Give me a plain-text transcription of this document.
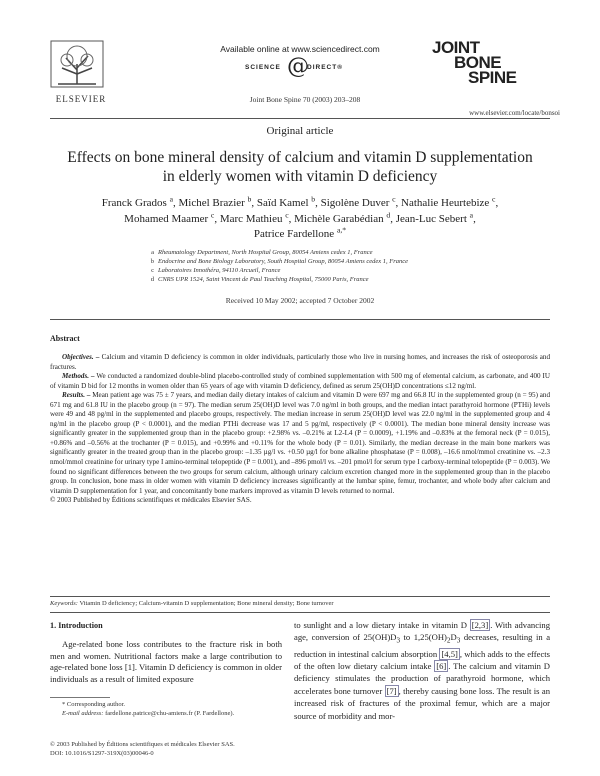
ELSEVIER
Available online at www.sciencedirect.com
SCIENCE @
DIRECT®
Joint Bone Spine 70 (2003) 203–208
JOINT
BONE
SPINE
www.elsevier.com/locate/bonsoi
Original article
Effects on bone mineral density of calcium and vitamin D supplementation in elderly women with vitamin D deficiency
Franck Grados $^a$, Michel Brazier $^b$, Saïd Kamel $^b$, Sigolène Duver $^c$, Nathalie Heurtebize $^c$,
Mohamed Maamer $^c$, Marc Mathieu $^c$, Michèle Garabédian $^d$, Jean-Luc Sebert $^a$,
Patrice Fardellone $^{a,*}$
a Rheumatology Department, North Hospital Group, 80054 Amiens cedex 1, France
b Endocrine and Bone Biology Laboratory, South Hospital Group, 80054 Amiens cedex 1, France
c Laboratoires Innothéra, 94110 Arcueil, France
d CNRS UPR 1524, Saint Vincent de Paul Teaching Hospital, 75000 Paris, France
Received 10 May 2002; accepted 7 October 2002
Abstract

Objectives. – Calcium and vitamin D deficiency is common in older individuals, particularly those who live in nursing homes, and increases the risk of osteoporosis and fractures.

Methods. – We conducted a randomized double-blind placebo-controlled study of combined supplementation with 500 mg of elemental calcium, as carbonate, and 400 IU of vitamin D bid for 12 months in women older than 65 years of age with vitamin D deficiency, defined as serum 25(OH)D concentrations ≤12 ng/ml.

Results. – Mean patient age was 75 ± 7 years, and median daily dietary intakes of calcium and vitamin D were 697 mg and 66.8 IU in the supplemented group (n = 95) and 671 mg and 61.8 IU in the placebo group (n = 97). The median serum 25(OH)D level was 7.0 ng/ml in both groups, and the median intact parathyroid hormone (PTHi) levels were 49 and 48 pg/ml in the supplemented and placebo groups, respectively. The median increase in serum 25(OH)D level was 22.0 ng/ml in the supplemented group and 4 ng/ml in the placebo group (P < 0.0001), and the median PTHi decrease was 17 and 5 pg/ml, respectively (P < 0.0001). The median bone mineral density increase was significantly greater in the supplemented group than in the placebo group: +2.98% vs. –0.21% at L2-L4 (P = 0.0009), +1.19% and –0.83% at the femoral neck (P = 0.015), +0.86% and –0.56% at the trochanter (P = 0.015), and +0.99% and +0.11% for the whole body (P = 0.01). Similarly, the median decrease in the main bone markers was significantly greater in the treated group than in the placebo group: –1.35 µg/l vs. +0.50 µg/l for bone alkaline phosphatase (P = 0.008), –16.6 nmol/mmol creatinine vs. –2.3 nmol/mmol creatinine for urinary type I amino-terminal telopeptide (P = 0.001), and –896 pmol/l vs. –201 pmol/l for serum type I carboxy-terminal telopeptide (P = 0.003). We found no significant differences between the two groups for serum calcium, although urinary calcium excretion changed more in the supplemented group than in the placebo group. In conclusion, bone mass in older women with vitamin D deficiency increases significantly at the lumbar spine, femur, trochanter, and whole body after calcium and vitamin D supplementation for 1 year, and concomitantly bone markers improved as vitamin D levels returned to normal.

© 2003 Published by Éditions scientifiques et médicales Elsevier SAS.

Keywords: Vitamin D deficiency; Calcium-vitamin D supplementation; Bone mineral density; Bone turnover
1. Introduction

Age-related bone loss contributes to the fracture risk in both men and women. Nutritional factors make a large contribution to age-related bone loss [1]. Vitamin D deficiency is common in older individuals as a result of limited exposure

to sunlight and a low dietary intake in vitamin D [2,3] . With advancing age, conversion of $25(OH)D_3$ to $1,25(OH)_2D_3$ decreases, resulting in a reduction in intestinal calcium absorption [4,5] , which adds to the effects of the often low dietary calcium intake [6] . The calcium and vitamin D deficiency stimulates the production of parathyroid hormone, which accelerates bone turnover [7] , thereby causing bone loss. The result is an increased risk of fractures of the proximal femur, which are a major source of morbidity and mor-
* Corresponding author.
E-mail address: fardellone.patrice@chu-amiens.fr (P. Fardellone).
© 2003 Published by Éditions scientifiques et médicales Elsevier SAS.
DOI: 10.1016/S1297-319X(03)00046-0
